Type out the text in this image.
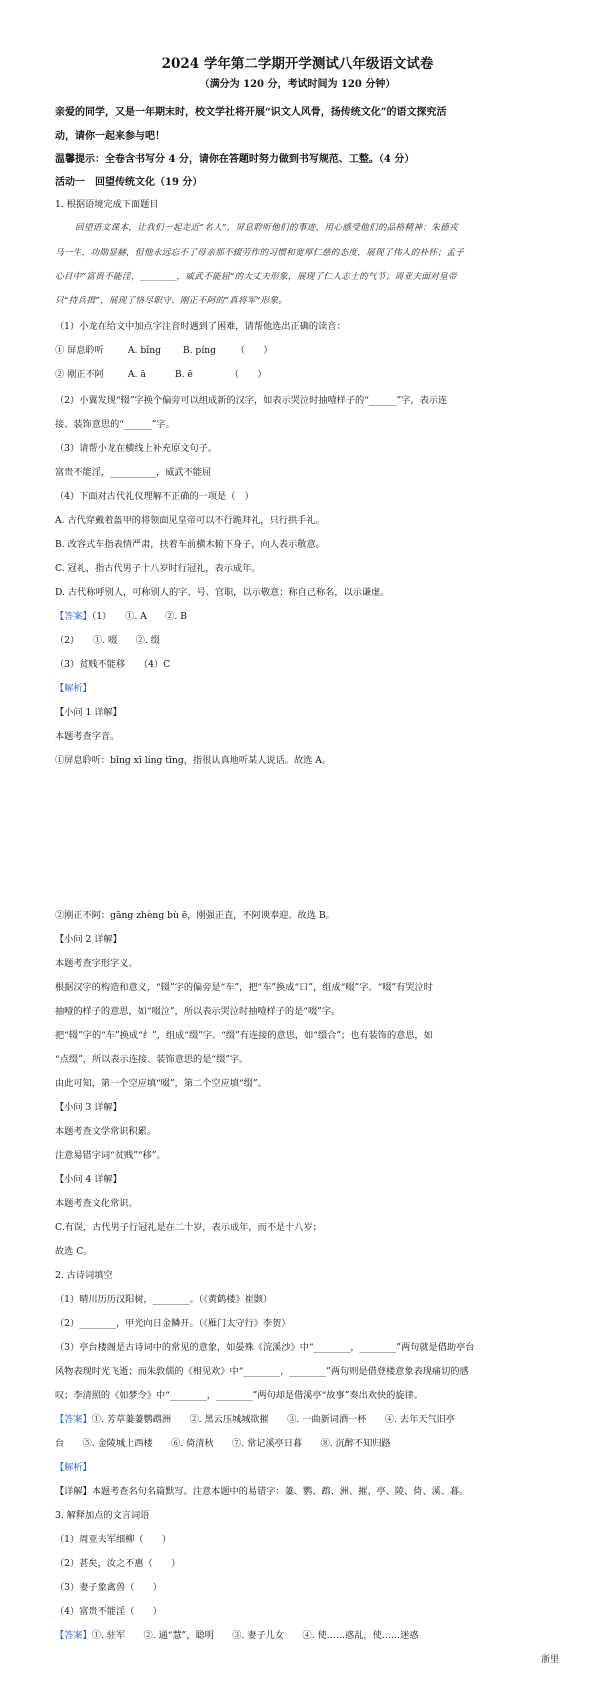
2024 学年第二学期开学测试八年级语文试卷
（满分为 120 分，考试时间为 120 分钟）
亲爱的同学，又是一年期末时，校文学社将开展“识文人风骨，扬传统文化”的语文探究活
动，请你一起来参与吧！
温馨提示：全卷含书写分 4 分，请你在答题时努力做到书写规范、工整。（4 分）
活动一　回望传统文化（19 分）
1. 根据语境完成下面题目
回望语文课本，让我们一起走近“名人”，屏息聆听他们的事迹，用心感受他们的品格精神：朱德戎
马一生，功勋显赫，但他永远忘不了母亲那不辍劳作的习惯和宽厚仁慈的态度，展现了伟人的朴怀；孟子
心目中“富贵不能淫，________，威武不能屈”的大丈夫形象，展现了仁人志士的气节；周亚夫面对皇帝
只“持兵揖”，展现了恪尽职守、刚正不阿的“真将军”形象。
（1）小龙在给文中加点字注音时遇到了困难，请帮他选出正确的读音：
① 屏息聆听	A. bǐng B. píng （　　）
② 刚正不阿	A. ā	B. ē	（　　）
（2）小翼发现“辍”字换个偏旁可以组成新的汉字，如表示哭泣时抽噎样子的“______”字，表示连
接、装饰意思的“______”字。
（3）请帮小龙在横线上补充原文句子。
富贵不能淫，__________，威武不能屈
（4）下面对古代礼仪理解不正确的一项是（　）
A. 古代穿戴着盔甲的将领面见皇帝可以不行跪拜礼，只行拱手礼。
B. 改容式车指表情严肃，扶着车前横木俯下身子，向人表示敬意。
C. 冠礼，指古代男子十八岁时行冠礼，表示成年。
D. 古代称呼别人，可称别人的字、号、官职，以示敬意；称自己称名，以示谦虚。
【答案】（1）　　①. A　　②. B
（2）　　①. 啜　　②. 缀
（3）贫贱不能移　　（4）C
【解析】
【小问 1 详解】
本题考查字音。
①屏息聆听：bǐng xī líng tīng，指很认真地听某人说话。故选 A。
②刚正不阿：gāng zhèng bù ē，刚强正直，不阿谀奉迎。故选 B。
【小问 2 详解】
本题考查字形字义。
根据汉字的构造和意义，“辍”字的偏旁是“车”，把“车”换成“口”，组成“啜”字。“啜”有哭泣时
抽噎的样子的意思，如“啜泣”，所以表示哭泣时抽噎样子的是“啜”字。
把“辍”字的“车”换成“纟”，组成“缀”字。“缀”有连接的意思，如“缀合”；也有装饰的意思，如
“点缀”，所以表示连接、装饰意思的是“缀”字。
由此可知，第一个空应填“啜”，第二个空应填“缀”。
【小问 3 详解】
本题考查文学常识积累。
注意易错字词“贫贱”“移”。
【小问 4 详解】
本题考查文化常识。
C.有误，古代男子行冠礼是在二十岁，表示成年，而不是十八岁；
故选 C。
2. 古诗词填空
（1）晴川历历汉阳树，________。（《黄鹤楼》崔颢）
（2）________，甲光向日金鳞开。（《雁门太守行》李贺）
（3）亭台楼阁是古诗词中的常见的意象，如晏殊《浣溪沙》中“________，________”两句就是借助亭台
风物表现时光飞逝；而朱敦儒的《相见欢》中“________，________”两句则是借登楼意象表现痛切的感
叹；李清照的《如梦令》中“________，________”两句却是借溪亭“故事”奏出欢快的旋律。
【答案】①. 芳草萋萋鹦鹉洲　　②. 黑云压城城欲摧　　③. 一曲新词酒一杯　　④. 去年天气旧亭
台　　⑤. 金陵城上西楼　　⑥. 倚清秋　　⑦. 常记溪亭日暮　　⑧. 沉醉不知归路
【解析】
【详解】本题考查名句名篇默写。注意本题中的易错字：萋、鹦、鹉、洲、摧、亭、陵、倚、溪、暮。
3. 解释加点的文言词语
（1）周亚夫军细柳（　　）
（2）甚矣，汝之不惠（　　）
（3）妻子象禽兽（　　）
（4）富贵不能淫（　　）
【答案】①. 驻军　　②. 通“慧”，聪明　　③. 妻子儿女　　④. 使……惑乱，使……迷惑
浙里
